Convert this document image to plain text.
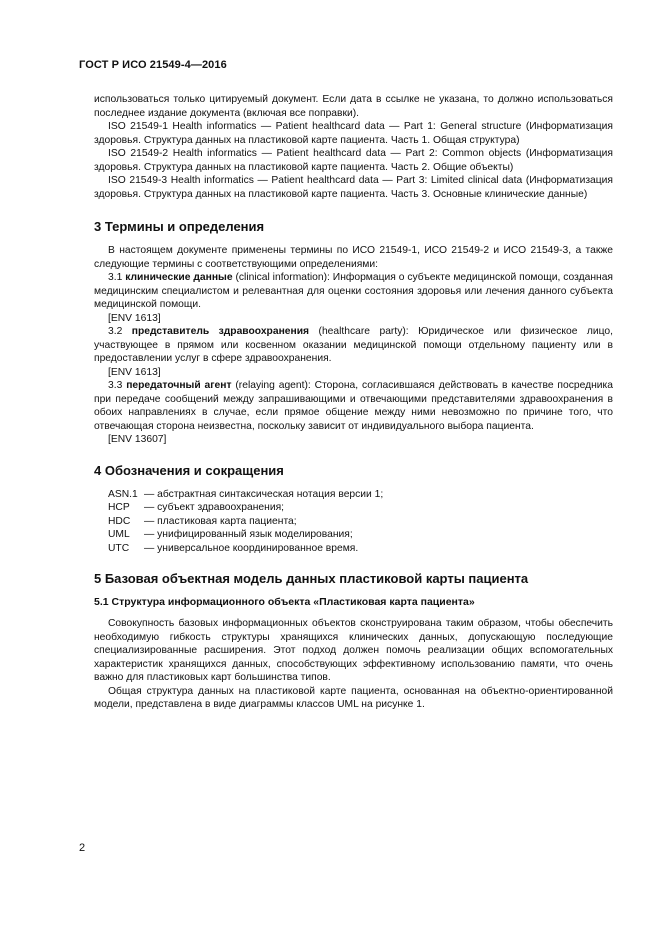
ГОСТ Р ИСО 21549-4—2016

использоваться только цитируемый документ. Если дата в ссылке не указана, то должно использоваться последнее издание документа (включая все поправки).

ISO 21549-1 Health informatics — Patient healthcard data — Part 1: General structure (Информатизация здоровья. Структура данных на пластиковой карте пациента. Часть 1. Общая структура)

ISO 21549-2 Health informatics — Patient healthcard data — Part 2: Common objects (Информатизация здоровья. Структура данных на пластиковой карте пациента. Часть 2. Общие объекты)

ISO 21549-3 Health informatics — Patient healthcard data — Part 3: Limited clinical data (Информатизация здоровья. Структура данных на пластиковой карте пациента. Часть 3. Основные клинические данные)

3 Термины и определения

В настоящем документе применены термины по ИСО 21549-1, ИСО 21549-2 и ИСО 21549-3, а также следующие термины с соответствующими определениями:

3.1 клинические данные (clinical information): Информация о субъекте медицинской помощи, созданная медицинским специалистом и релевантная для оценки состояния здоровья или лечения данного субъекта медицинской помощи.

[ENV 1613]

3.2 представитель здравоохранения (healthcare party): Юридическое или физическое лицо, участвующее в прямом или косвенном оказании медицинской помощи отдельному пациенту или в предоставлении услуг в сфере здравоохранения.

[ENV 1613]

3.3 передаточный агент (relaying agent): Сторона, согласившаяся действовать в качестве посредника при передаче сообщений между запрашивающими и отвечающими представителями здравоохранения в обоих направлениях в случае, если прямое общение между ними невозможно по причине того, что отвечающая сторона неизвестна, поскольку зависит от индивидуального выбора пациента.

[ENV 13607]

4 Обозначения и сокращения
ASN.1 — абстрактная синтаксическая нотация версии 1;
HCP	— субъект здравоохранения;
HDC	— пластиковая карта пациента;
UML	— унифицированный язык моделирования;
UTC	— универсальное координированное время.
5 Базовая объектная модель данных пластиковой карты пациента
5.1 Структура информационного объекта «Пластиковая карта пациента»

Совокупность базовых информационных объектов сконструирована таким образом, чтобы обеспечить необходимую гибкость структуры хранящихся клинических данных, допускающую последующие специализированные расширения. Этот подход должен помочь реализации общих вспомогательных характеристик хранящихся данных, способствующих эффективному использованию памяти, что очень важно для пластиковых карт большинства типов.

Общая структура данных на пластиковой карте пациента, основанная на объектно-ориентированной модели, представлена в виде диаграммы классов UML на рисунке 1.

2
